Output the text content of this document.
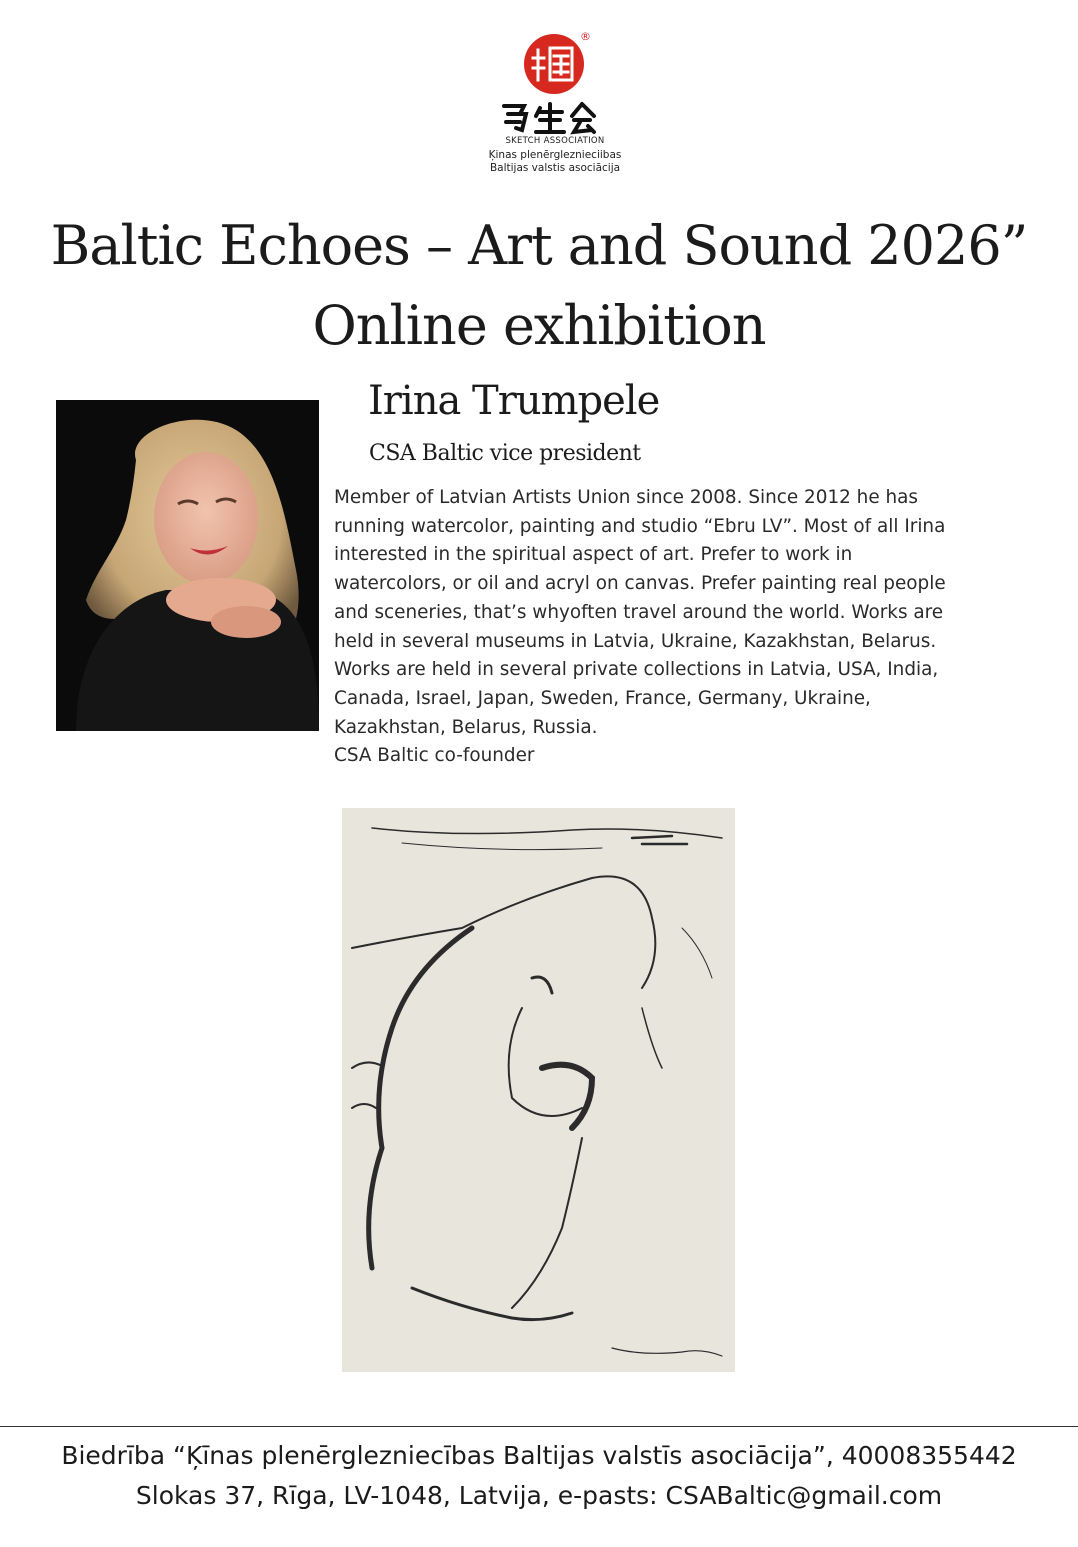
®
SKETCH ASSOCIATION
Ķinas plenērgleznieciibas
Baltijas valstis asociācija
Baltic Echoes – Art and Sound 2026”
Online exhibition
Irina Trumpele
CSA Baltic vice president
Member of Latvian Artists Union since 2008. Since 2012 he has
running watercolor, painting and studio “Ebru LV”. Most of all Irina
interested in the spiritual aspect of art. Prefer to work in
watercolors, or oil and acryl on canvas. Prefer painting real people
and sceneries, that’s whyoften travel around the world. Works are
held in several museums in Latvia, Ukraine, Kazakhstan, Belarus.
Works are held in several private collections in Latvia, USA, India,
Canada, Israel, Japan, Sweden, France, Germany, Ukraine,
Kazakhstan, Belarus, Russia.
CSA Baltic co-founder
Biedrība “Ķīnas plenērglezniecības Baltijas valstīs asociācija”, 40008355442
Slokas 37, Rīga, LV-1048, Latvija, e-pasts: CSABaltic@gmail.com
